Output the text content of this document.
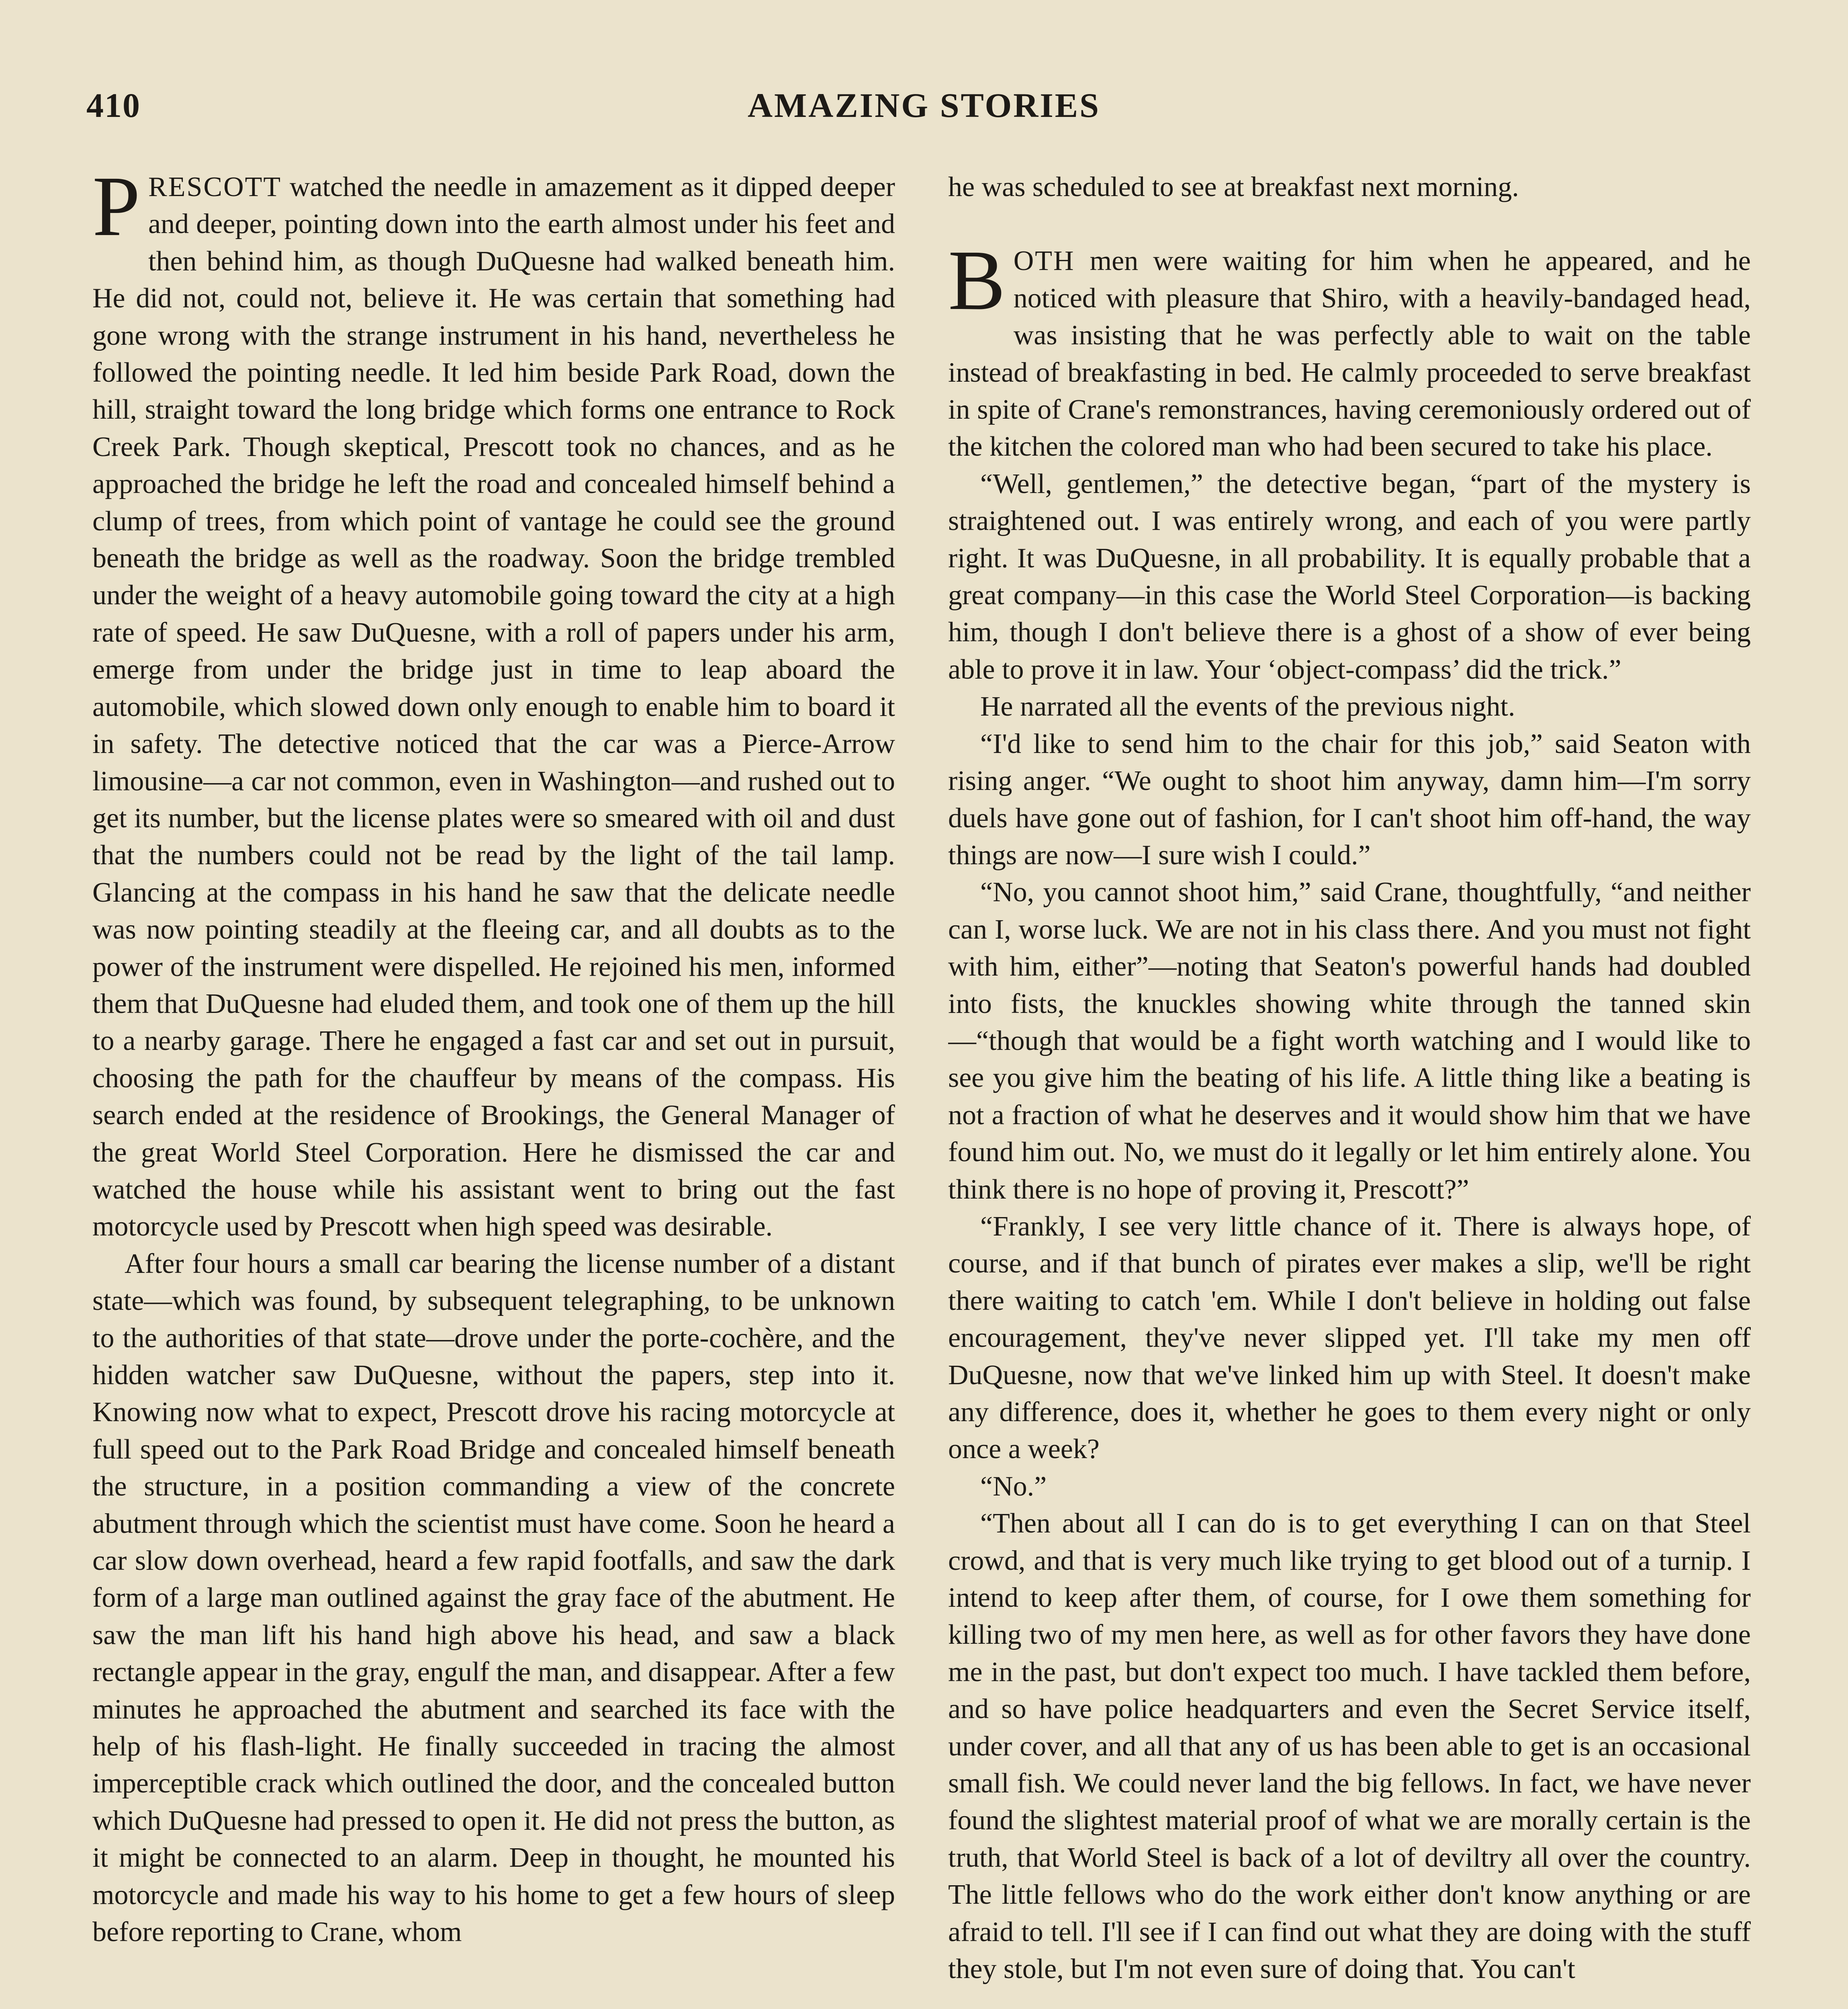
410	AMAZING STORIES

PRESCOTT watched the needle in amazement as it dipped deeper and deeper, pointing down into the earth almost under his feet and then behind him, as though DuQuesne had walked beneath him. He did not, could not, believe it. He was certain that something had gone wrong with the strange instrument in his hand, nevertheless he followed the pointing needle. It led him beside Park Road, down the hill, straight toward the long bridge which forms one entrance to Rock Creek Park. Though skeptical, Prescott took no chances, and as he approached the bridge he left the road and concealed himself behind a clump of trees, from which point of vantage he could see the ground beneath the bridge as well as the roadway. Soon the bridge trembled under the weight of a heavy automobile going toward the city at a high rate of speed. He saw DuQuesne, with a roll of papers under his arm, emerge from under the bridge just in time to leap aboard the automobile, which slowed down only enough to enable him to board it in safety. The detective noticed that the car was a Pierce-Arrow limousine—a car not common, even in Washington—and rushed out to get its number, but the license plates were so smeared with oil and dust that the numbers could not be read by the light of the tail lamp. Glancing at the compass in his hand he saw that the delicate needle was now pointing steadily at the fleeing car, and all doubts as to the power of the instrument were dispelled. He rejoined his men, informed them that DuQuesne had eluded them, and took one of them up the hill to a nearby garage. There he engaged a fast car and set out in pursuit, choosing the path for the chauffeur by means of the compass. His search ended at the residence of Brookings, the General Manager of the great World Steel Corporation. Here he dismissed the car and watched the house while his assistant went to bring out the fast motorcycle used by Prescott when high speed was desirable.

After four hours a small car bearing the license number of a distant state—which was found, by subsequent telegraphing, to be unknown to the authorities of that state—drove under the porte-cochère, and the hidden watcher saw DuQuesne, without the papers, step into it. Knowing now what to expect, Prescott drove his racing motorcycle at full speed out to the Park Road Bridge and concealed himself beneath the structure, in a position commanding a view of the concrete abutment through which the scientist must have come. Soon he heard a car slow down overhead, heard a few rapid footfalls, and saw the dark form of a large man outlined against the gray face of the abutment. He saw the man lift his hand high above his head, and saw a black rectangle appear in the gray, engulf the man, and disappear. After a few minutes he approached the abutment and searched its face with the help of his flash-light. He finally succeeded in tracing the almost imperceptible crack which outlined the door, and the concealed button which DuQuesne had pressed to open it. He did not press the button, as it might be connected to an alarm. Deep in thought, he mounted his motorcycle and made his way to his home to get a few hours of sleep before reporting to Crane, whom

he was scheduled to see at breakfast next morning.

BOTH men were waiting for him when he appeared, and he noticed with pleasure that Shiro, with a heavily-bandaged head, was insisting that he was perfectly able to wait on the table instead of breakfasting in bed. He calmly proceeded to serve breakfast in spite of Crane's remonstrances, having ceremoniously ordered out of the kitchen the colored man who had been secured to take his place.

“Well, gentlemen,” the detective began, “part of the mystery is straightened out. I was entirely wrong, and each of you were partly right. It was DuQuesne, in all probability. It is equally probable that a great company—in this case the World Steel Corporation—is backing him, though I don't believe there is a ghost of a show of ever being able to prove it in law. Your ‘object-compass’ did the trick.”

He narrated all the events of the previous night.

“I'd like to send him to the chair for this job,” said Seaton with rising anger. “We ought to shoot him anyway, damn him—I'm sorry duels have gone out of fashion, for I can't shoot him off-hand, the way things are now—I sure wish I could.”

“No, you cannot shoot him,” said Crane, thoughtfully, “and neither can I, worse luck. We are not in his class there. And you must not fight with him, either”—noting that Seaton's powerful hands had doubled into fists, the knuckles showing white through the tanned skin—“though that would be a fight worth watching and I would like to see you give him the beating of his life. A little thing like a beating is not a fraction of what he deserves and it would show him that we have found him out. No, we must do it legally or let him entirely alone. You think there is no hope of proving it, Prescott?”

“Frankly, I see very little chance of it. There is always hope, of course, and if that bunch of pirates ever makes a slip, we'll be right there waiting to catch 'em. While I don't believe in holding out false encouragement, they've never slipped yet. I'll take my men off DuQuesne, now that we've linked him up with Steel. It doesn't make any difference, does it, whether he goes to them every night or only once a week?

“No.”

“Then about all I can do is to get everything I can on that Steel crowd, and that is very much like trying to get blood out of a turnip. I intend to keep after them, of course, for I owe them something for killing two of my men here, as well as for other favors they have done me in the past, but don't expect too much. I have tackled them before, and so have police headquarters and even the Secret Service itself, under cover, and all that any of us has been able to get is an occasional small fish. We could never land the big fellows. In fact, we have never found the slightest material proof of what we are morally certain is the truth, that World Steel is back of a lot of deviltry all over the country. The little fellows who do the work either don't know anything or are afraid to tell. I'll see if I can find out what they are doing with the stuff they stole, but I'm not even sure of doing that. You can't
